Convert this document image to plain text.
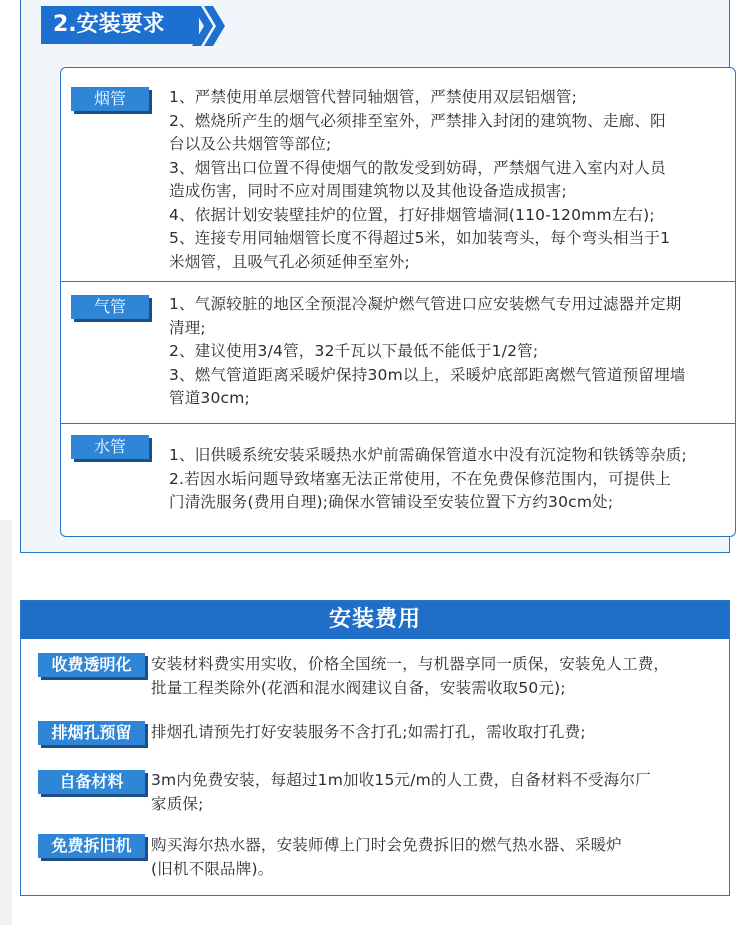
2.安装要求
烟管	1、严禁使用单层烟管代替同轴烟管，严禁使用双层铝烟管;
2、燃烧所产生的烟气必须排至室外，严禁排入封闭的建筑物、走廊、阳
台以及公共烟管等部位;
3、烟管出口位置不得使烟气的散发受到妨碍，严禁烟气进入室内对人员
造成伤害，同时不应对周围建筑物以及其他设备造成损害;
4、依据计划安装壁挂炉的位置，打好排烟管墙洞(110-120mm左右);
5、连接专用同轴烟管长度不得超过5米，如加装弯头，每个弯头相当于1
米烟管，且吸气孔必须延伸至室外;
气管	1、气源较脏的地区全预混冷凝炉燃气管进口应安装燃气专用过滤器并定期
清理;
2、建议使用3/4管，32千瓦以下最低不能低于1/2管;
3、燃气管道距离采暖炉保持30m以上，采暖炉底部距离燃气管道预留埋墙
管道30cm;
水管	1、旧供暖系统安装采暖热水炉前需确保管道水中没有沉淀物和铁锈等杂质;
2.若因水垢问题导致堵塞无法正常使用，不在免费保修范围内，可提供上
门清洗服务(费用自理);确保水管铺设至安装位置下方约30cm处;
安装费用
收费透明化	安装材料费实用实收，价格全国统一，与机器享同一质保，安装免人工费，
批量工程类除外(花洒和混水阀建议自备，安装需收取50元);
排烟孔预留	排烟孔请预先打好安装服务不含打孔;如需打孔，需收取打孔费;
自备材料	3m内免费安装，每超过1m加收15元/m的人工费，自备材料不受海尔厂
家质保;
免费拆旧机	购买海尔热水器，安装师傅上门时会免费拆旧的燃气热水器、采暖炉
(旧机不限品牌)。
